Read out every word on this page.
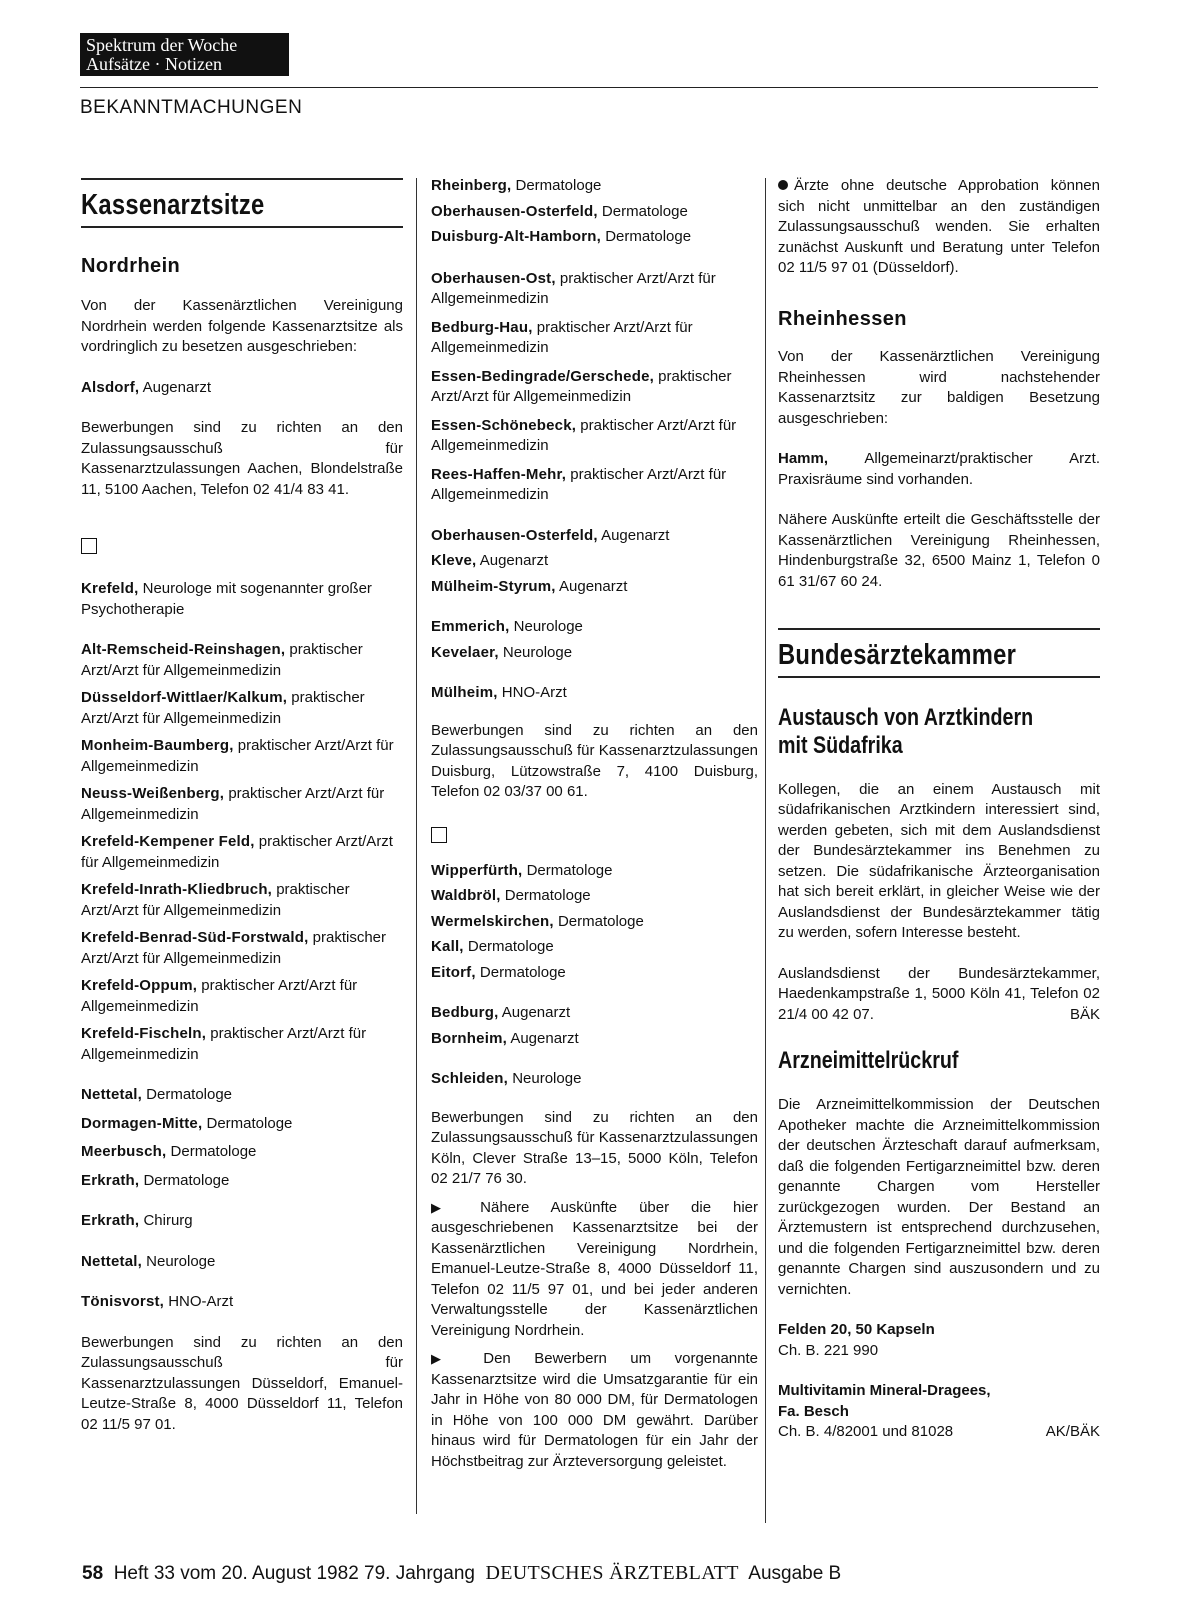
Spektrum der Woche
Aufsätze · Notizen
BEKANNTMACHUNGEN
Kassenarztsitze
Nordrhein

Von der Kassenärztlichen Vereinigung Nordrhein werden folgende Kassenarztsitze als vordringlich zu besetzen ausgeschrieben:

Alsdorf, Augenarzt

Bewerbungen sind zu richten an den Zulassungsausschuß für Kassenarztzulassungen Aachen, Blondelstraße 11, 5100 Aachen, Telefon 02 41/4 83 41.

Krefeld, Neurologe mit sogenannter großer Psychotherapie
Alt-Remscheid-Reinshagen, praktischer Arzt/Arzt für Allgemeinmedizin
Düsseldorf-Wittlaer/Kalkum, praktischer Arzt/Arzt für Allgemeinmedizin
Monheim-Baumberg, praktischer Arzt/Arzt für Allgemeinmedizin
Neuss-Weißenberg, praktischer Arzt/Arzt für Allgemeinmedizin
Krefeld-Kempener Feld, praktischer Arzt/Arzt für Allgemeinmedizin
Krefeld-Inrath-Kliedbruch, praktischer Arzt/Arzt für Allgemeinmedizin
Krefeld-Benrad-Süd-Forstwald, praktischer Arzt/Arzt für Allgemeinmedizin
Krefeld-Oppum, praktischer Arzt/Arzt für Allgemeinmedizin
Krefeld-Fischeln, praktischer Arzt/Arzt für Allgemeinmedizin
Nettetal, Dermatologe
Dormagen-Mitte, Dermatologe
Meerbusch, Dermatologe
Erkrath, Dermatologe
Erkrath, Chirurg
Nettetal, Neurologe
Tönisvorst, HNO-Arzt

Bewerbungen sind zu richten an den Zulassungsausschuß für Kassenarztzulassungen Düsseldorf, Emanuel-Leutze-Straße 8, 4000 Düsseldorf 11, Telefon 02 11/5 97 01.

Rheinberg, Dermatologe
Oberhausen-Osterfeld, Dermatologe
Duisburg-Alt-Hamborn, Dermatologe
Oberhausen-Ost, praktischer Arzt/Arzt für Allgemeinmedizin
Bedburg-Hau, praktischer Arzt/Arzt für Allgemeinmedizin
Essen-Bedingrade/Gerschede, praktischer Arzt/Arzt für Allgemeinmedizin
Essen-Schönebeck, praktischer Arzt/Arzt für Allgemeinmedizin
Rees-Haffen-Mehr, praktischer Arzt/Arzt für Allgemeinmedizin
Oberhausen-Osterfeld, Augenarzt
Kleve, Augenarzt
Mülheim-Styrum, Augenarzt
Emmerich, Neurologe
Kevelaer, Neurologe
Mülheim, HNO-Arzt

Bewerbungen sind zu richten an den Zulassungsausschuß für Kassenarztzulassungen Duisburg, Lützowstraße 7, 4100 Duisburg, Telefon 02 03/37 00 61.

Wipperfürth, Dermatologe
Waldbröl, Dermatologe
Wermelskirchen, Dermatologe
Kall, Dermatologe
Eitorf, Dermatologe
Bedburg, Augenarzt
Bornheim, Augenarzt
Schleiden, Neurologe

Bewerbungen sind zu richten an den Zulassungsausschuß für Kassenarztzulassungen Köln, Clever Straße 13–15, 5000 Köln, Telefon 02 21/7 76 30.

▶ Nähere Auskünfte über die hier ausgeschriebenen Kassenarztsitze bei der Kassenärztlichen Vereinigung Nordrhein, Emanuel-Leutze-Straße 8, 4000 Düsseldorf 11, Telefon 02 11/5 97 01, und bei jeder anderen Verwaltungsstelle der Kassenärztlichen Vereinigung Nordrhein.

▶ Den Bewerbern um vorgenannte Kassenarztsitze wird die Umsatzgarantie für ein Jahr in Höhe von 80 000 DM, für Dermatologen in Höhe von 100 000 DM gewährt. Darüber hinaus wird für Dermatologen für ein Jahr der Höchstbeitrag zur Ärzteversorgung geleistet.

Ärzte ohne deutsche Approbation können sich nicht unmittelbar an den zuständigen Zulassungsausschuß wenden. Sie erhalten zunächst Auskunft und Beratung unter Telefon 02 11/5 97 01 (Düsseldorf).

Rheinhessen

Von der Kassenärztlichen Vereinigung Rheinhessen wird nachstehender Kassenarztsitz zur baldigen Besetzung ausgeschrieben:

Hamm, Allgemeinarzt/praktischer Arzt. Praxisräume sind vorhanden.

Nähere Auskünfte erteilt die Geschäftsstelle der Kassenärztlichen Vereinigung Rheinhessen, Hindenburgstraße 32, 6500 Mainz 1, Telefon 0 61 31/67 60 24.

Bundesärztekammer
Austausch von Arztkindern
mit Südafrika

Kollegen, die an einem Austausch mit südafrikanischen Arztkindern interessiert sind, werden gebeten, sich mit dem Auslandsdienst der Bundesärztekammer ins Benehmen zu setzen. Die südafrikanische Ärzteorganisation hat sich bereit erklärt, in gleicher Weise wie der Auslandsdienst der Bundesärztekammer tätig zu werden, sofern Interesse besteht.

Auslandsdienst der Bundesärztekammer, Haedenkampstraße 1, 5000 Köln 41, Telefon 02 21/4 00 42 07.	BÄK

Arzneimittelrückruf

Die Arzneimittelkommission der Deutschen Apotheker machte die Arzneimittelkommission der deutschen Ärzteschaft darauf aufmerksam, daß die folgenden Fertigarzneimittel bzw. deren genannte Chargen vom Hersteller zurückgezogen wurden. Der Bestand an Ärztemustern ist entsprechend durchzusehen, und die folgenden Fertigarzneimittel bzw. deren genannte Chargen sind auszusondern und zu vernichten.

Felden 20, 50 Kapseln
Ch. B. 221 990
Multivitamin Mineral-Dragees,
Fa. Besch
Ch. B. 4/82001 und 81028	AK/BÄK
58 Heft 33 vom 20. August 1982 79. Jahrgang DEUTSCHES ÄRZTEBLATT Ausgabe B
